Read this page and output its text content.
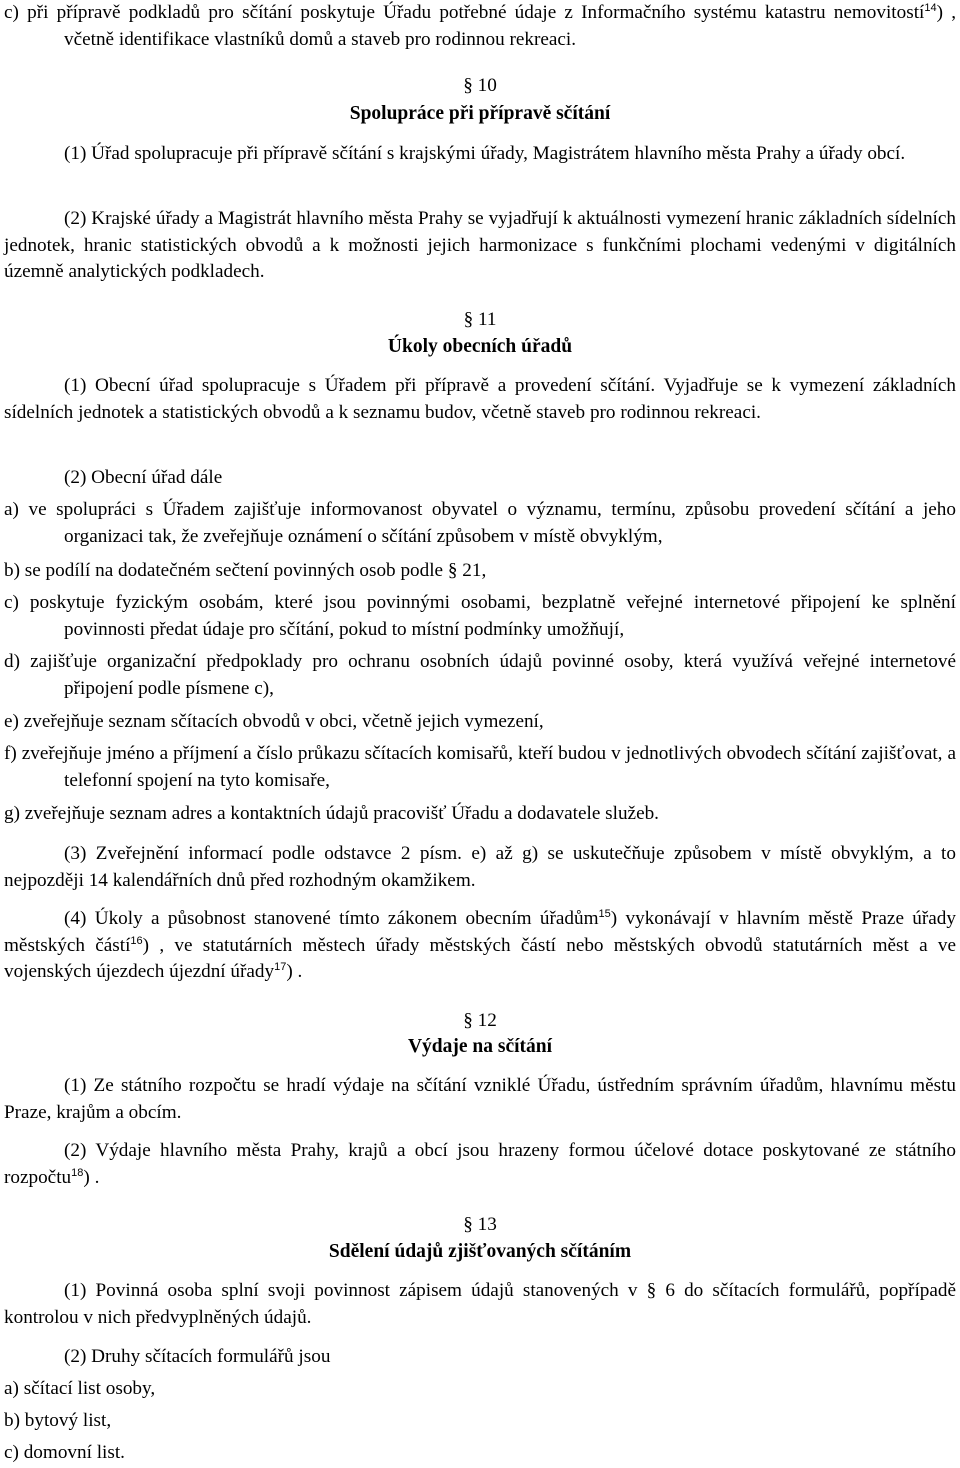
c) při přípravě podkladů pro sčítání poskytuje Úřadu potřebné údaje z Informačního systému katastru nemovitostí$^{14}$) , včetně identifikace vlastníků domů a staveb pro rodinnou rekreaci.

§ 10
Spolupráce při přípravě sčítání

(1) Úřad spolupracuje při přípravě sčítání s krajskými úřady, Magistrátem hlavního města Prahy a úřady obcí.

(2) Krajské úřady a Magistrát hlavního města Prahy se vyjadřují k aktuálnosti vymezení hranic základních sídelních jednotek, hranic statistických obvodů a k možnosti jejich harmonizace s funkčními plochami vedenými v digitálních územně analytických podkladech.

§ 11
Úkoly obecních úřadů

(1) Obecní úřad spolupracuje s Úřadem při přípravě a provedení sčítání. Vyjadřuje se k vymezení základních sídelních jednotek a statistických obvodů a k seznamu budov, včetně staveb pro rodinnou rekreaci.

(2) Obecní úřad dále

a) ve spolupráci s Úřadem zajišťuje informovanost obyvatel o významu, termínu, způsobu provedení sčítání a jeho organizaci tak, že zveřejňuje oznámení o sčítání způsobem v místě obvyklým,

b) se podílí na dodatečném sečtení povinných osob podle § 21,

c) poskytuje fyzickým osobám, které jsou povinnými osobami, bezplatně veřejné internetové připojení ke splnění povinnosti předat údaje pro sčítání, pokud to místní podmínky umožňují,

d) zajišťuje organizační předpoklady pro ochranu osobních údajů povinné osoby, která využívá veřejné internetové připojení podle písmene c),

e) zveřejňuje seznam sčítacích obvodů v obci, včetně jejich vymezení,

f) zveřejňuje jméno a příjmení a číslo průkazu sčítacích komisařů, kteří budou v jednotlivých obvodech sčítání zajišťovat, a telefonní spojení na tyto komisaře,

g) zveřejňuje seznam adres a kontaktních údajů pracovišť Úřadu a dodavatele služeb.

(3) Zveřejnění informací podle odstavce 2 písm. e) až g) se uskutečňuje způsobem v místě obvyklým, a to nejpozději 14 kalendářních dnů před rozhodným okamžikem.

(4) Úkoly a působnost stanovené tímto zákonem obecním úřadům$^{15}$) vykonávají v hlavním městě Praze úřady městských částí$^{16}$) , ve statutárních městech úřady městských částí nebo městských obvodů statutárních měst a ve vojenských újezdech újezdní úřady$^{17}$) .

§ 12
Výdaje na sčítání

(1) Ze státního rozpočtu se hradí výdaje na sčítání vzniklé Úřadu, ústředním správním úřadům, hlavnímu městu Praze, krajům a obcím.

(2) Výdaje hlavního města Prahy, krajů a obcí jsou hrazeny formou účelové dotace poskytované ze státního rozpočtu$^{18}$) .

§ 13
Sdělení údajů zjišťovaných sčítáním

(1) Povinná osoba splní svoji povinnost zápisem údajů stanovených v § 6 do sčítacích formulářů, popřípadě kontrolou v nich předvyplněných údajů.

(2) Druhy sčítacích formulářů jsou

a) sčítací list osoby,

b) bytový list,

c) domovní list.
